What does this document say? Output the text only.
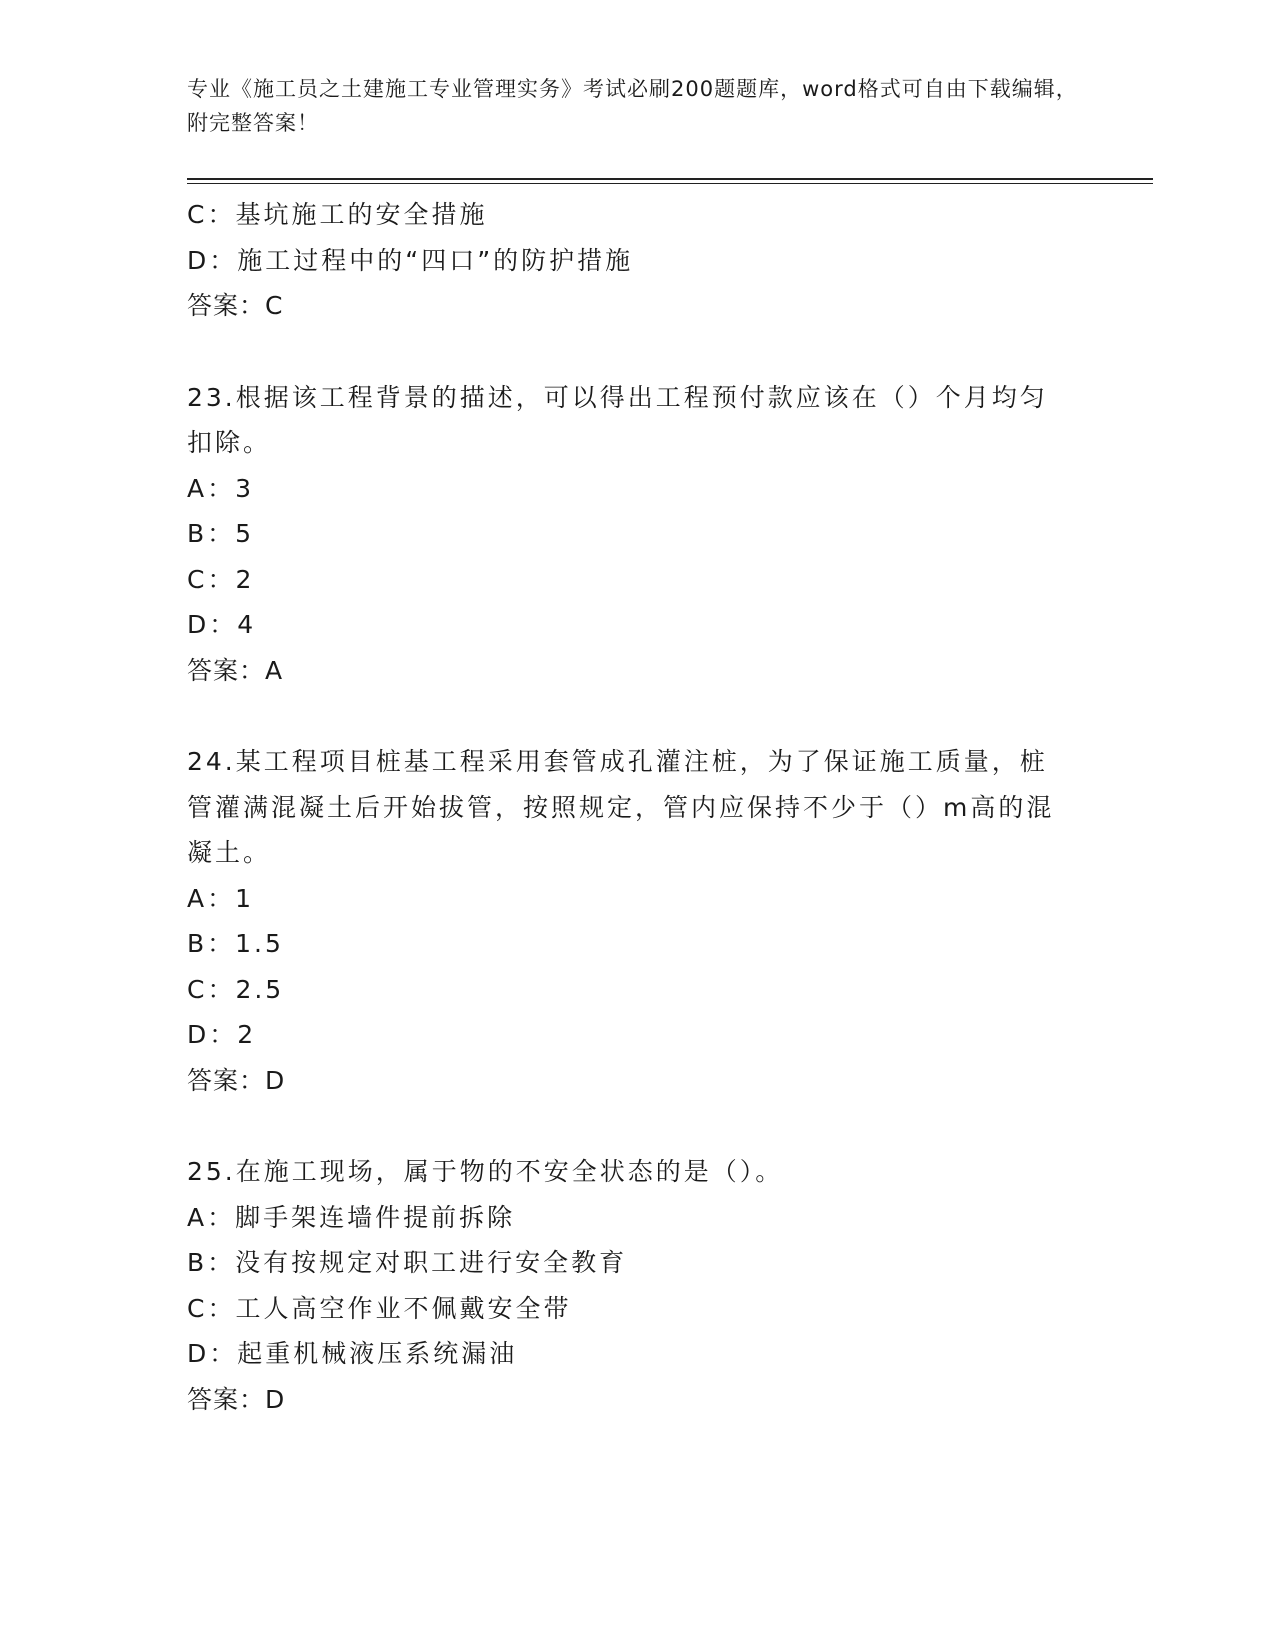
专业《施工员之土建施工专业管理实务》考试必刷200题题库，word格式可自由下载编辑，附完整答案！
C：基坑施工的安全措施
D：施工过程中的“四口”的防护措施
答案：C
23.根据该工程背景的描述，可以得出工程预付款应该在（）个月均匀
扣除。
A：3
B：5
C：2
D：4
答案：A
24.某工程项目桩基工程采用套管成孔灌注桩，为了保证施工质量，桩
管灌满混凝土后开始拔管，按照规定，管内应保持不少于（）m高的混
凝土。
A：1
B：1.5
C：2.5
D：2
答案：D
25.在施工现场，属于物的不安全状态的是（）。
A：脚手架连墙件提前拆除
B：没有按规定对职工进行安全教育
C：工人高空作业不佩戴安全带
D：起重机械液压系统漏油
答案：D
